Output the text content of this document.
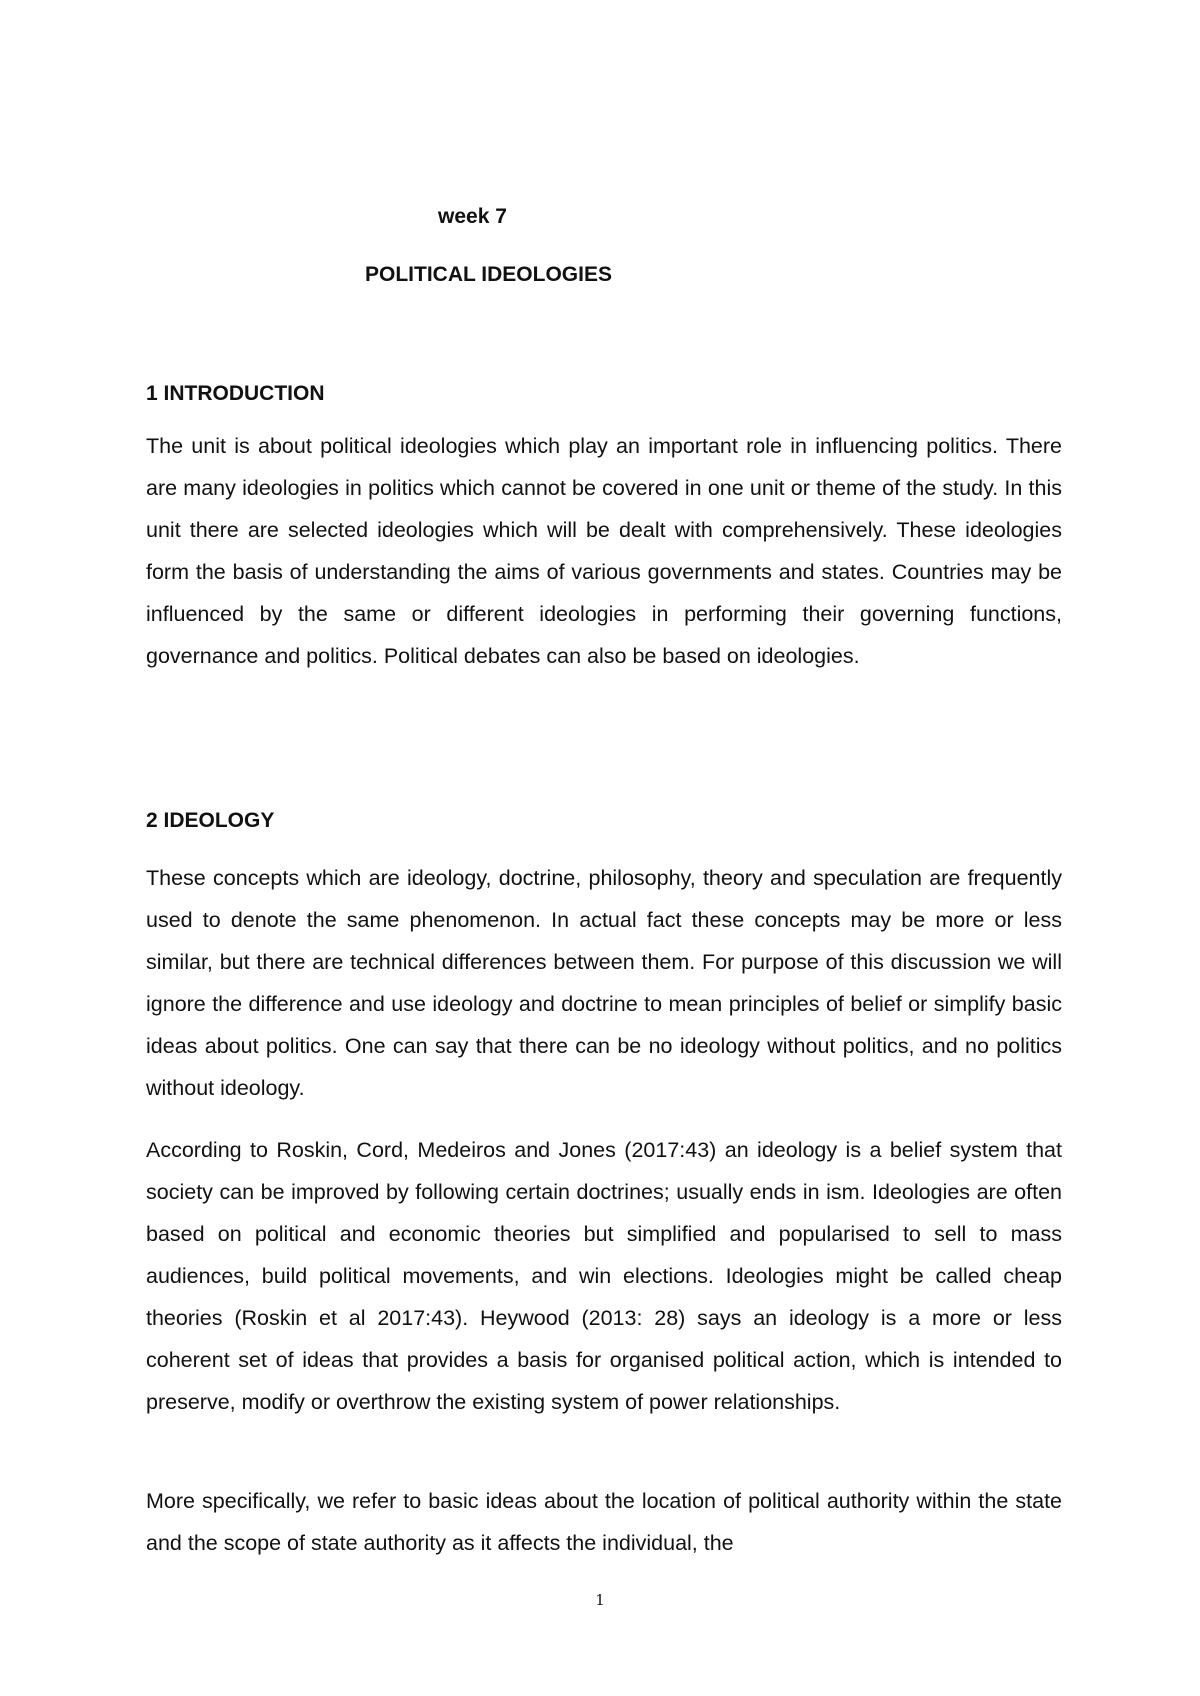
week 7

POLITICAL IDEOLOGIES

1 INTRODUCTION

The unit is about political ideologies which play an important role in influencing politics. There are many ideologies in politics which cannot be covered in one unit or theme of the study. In this unit there are selected ideologies which will be dealt with comprehensively. These ideologies form the basis of understanding the aims of various governments and states. Countries may be influenced by the same or different ideologies in performing their governing functions, governance and politics. Political debates can also be based on ideologies.

2 IDEOLOGY

These concepts which are ideology, doctrine, philosophy, theory and speculation are frequently used to denote the same phenomenon. In actual fact these concepts may be more or less similar, but there are technical differences between them. For purpose of this discussion we will ignore the difference and use ideology and doctrine to mean principles of belief or simplify basic ideas about politics. One can say that there can be no ideology without politics, and no politics without ideology.

According to Roskin, Cord, Medeiros and Jones (2017:43) an ideology is a belief system that society can be improved by following certain doctrines; usually ends in ism. Ideologies are often based on political and economic theories but simplified and popularised to sell to mass audiences, build political movements, and win elections. Ideologies might be called cheap theories (Roskin et al 2017:43). Heywood (2013: 28) says an ideology is a more or less coherent set of ideas that provides a basis for organised political action, which is intended to preserve, modify or overthrow the existing system of power relationships.

More specifically, we refer to basic ideas about the location of political authority within the state and the scope of state authority as it affects the individual, the

1
